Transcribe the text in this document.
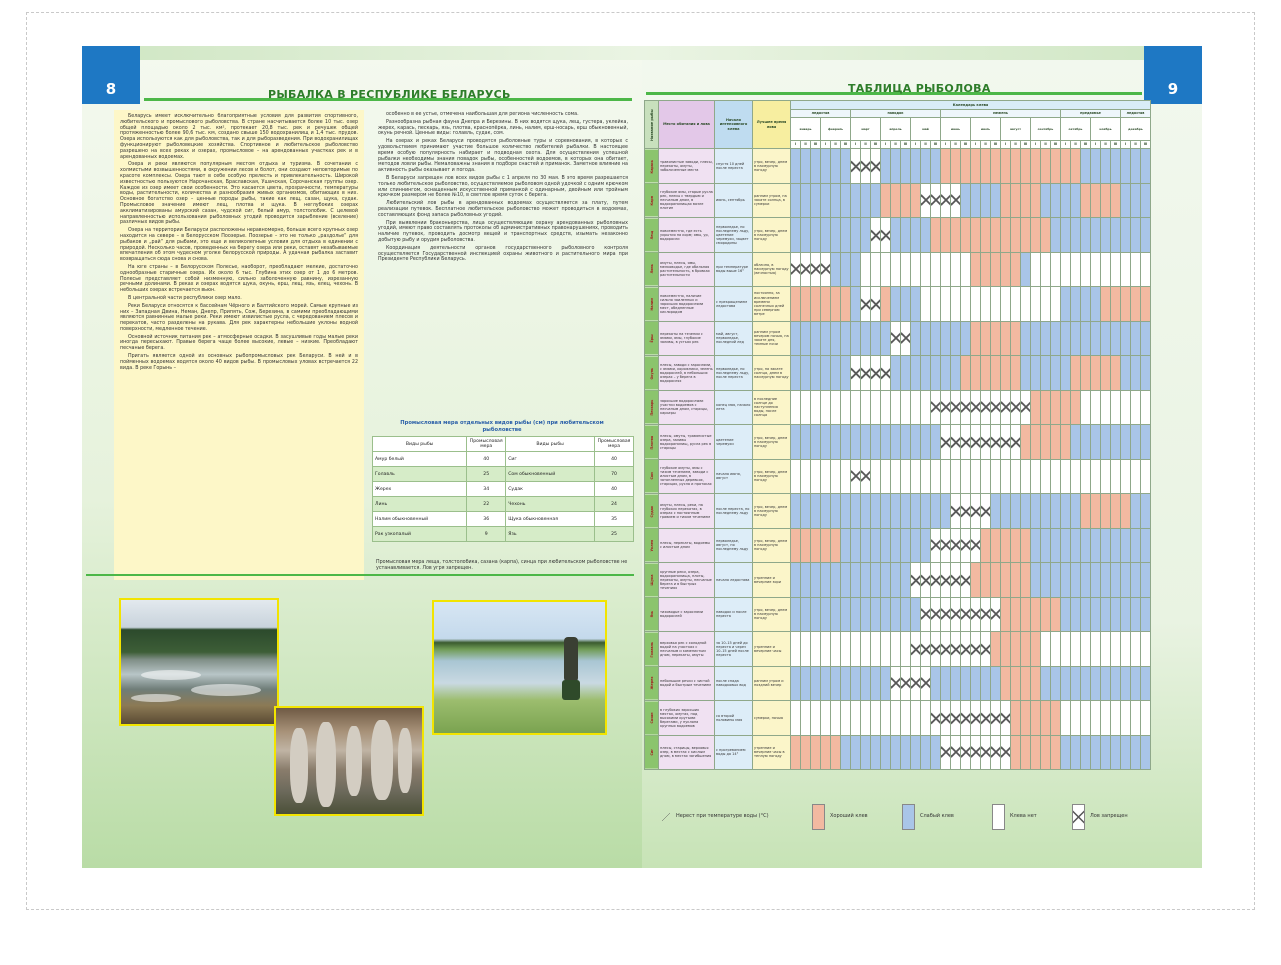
8	РЫБАЛКА В РЕСПУБЛИКЕ БЕЛАРУСЬ

Беларусь имеет исключительно благоприятные условия для развития спортивного, любительского и промыслового рыболовства. В стране насчитывается более 10 тыс. озер общей площадью около 2 тыс. км², протекает 20,8 тыс. рек и речушек общей протяженностью более 90,6 тыс. км, создано свыше 150 водохранилищ и 1,4 тыс. прудов. Озера используются как для рыболовства, так и для рыборазведения. При водохранилищах функционируют рыболовецкие хозяйства. Спортивное и любительское рыболовство разрешено на всех реках и озерах, промысловое – на арендованных участках рек и в арендованных водоемах.

Озера и реки являются популярным местом отдыха и туризма. В сочетании с холмистыми возвышенностями, в окружении лесов и болот, они создают неповторимые по красоте комплексы. Озера тают в себе особую прелесть и привлекательность. Широкой известностью пользуются Нарочанская, Браславская, Ушачская, Сорочанская группы озер. Каждое из озер имеет свои особенности. Это касается цвета, прозрачности, температуры воды, растительности, количества и разнообразия живых организмов, обитающих в них. Основное богатство озер – ценные породы рыбы, такие как лещ, сазан, щука, судак. Промысловое значение имеют лещ, плотва и щука. В неглубоких озерах акклиматизированы амурский сазан, чудской сиг, белый амур, толстолобик. С целевой направленностью использования рыболовных угодий проводится зарыбление (вселение) различных видов рыбы.

Озера на территории Беларуси расположены неравномерно, больше всего крупных озер находится на севере – в Белорусском Поозерье. Поозерье – это не только „раздолье“ для рыбаков и „рай“ для рыбами, это еще и великолепные условия для отдыха в единении с природой. Несколько часов, проведенных на берегу озера или реки, оставят незабываемые впечатления об этом чудесном уголке белорусской природы. А удачная рыбалка заставит возвращаться сюда снова и снова.

На юге страны – в Белорусском Полесье, наоборот, преобладают мелкие, достаточно однообразные старичные озера. Их около 6 тыс. Глубина этих озер от 1 до 6 метров. Полесье представляет собой низменную, сильно заболоченную равнину, изрезанную речными долинами. В реках и озерах водятся щука, окунь, ерш, лещ, язь, елец, чехонь. В небольших озерах встречается вьюн.

В центральной части республики озер мало.

Реки Беларуси относятся к бассейнам Чёрного и Балтийского морей. Самые крупные из них – Западная Двина, Неман, Днепр, Припять, Сож, Березина, в самими преобладающими являются равнинные малые реки. Реки имеют извилистые русла, с чередованием плесов и перекатов, часто разделены на рукава. Для рек характерны небольшие уклоны водной поверхности, медленное течение.

Основной источник питания рек – атмосферные осадки. В засушливые годы малые реки иногда пересыхают. Правые берега чаще более высокие, левые – низкие. Преобладают песчаные берега.

Пригать является одной из основных рыбопромысловых рек Беларуси. В ней и в пойменных водоемах водятся около 40 видов рыбы. В промысловых уловах встречается 22 вида. В реке Горынь –

особенно в ее устье, отмечена наибольшая для региона численность сома.

Разнообразна рыбная фауна Днепра и Березины. В них водятся щука, лещ, густера, уклейка, жерех, карась, пескарь, язь, плотва, краснопёрка, линь, налим, ерш-носарь, ерш обыкновенный, окунь речной. Ценные виды: голавль, судак, сом.

На озерах и реках Беларуси проводятся рыболовные туры и соревнования, в которых с удовольствием принимают участие большое количество любителей рыбалки. В настоящее время особую популярность набирает и подводная охота. Для осуществления успешной рыбалки необходимы знания повадок рыбы, особенностей водоемов, в которых она обитает, методов ловли рыбы. Немаловажны знания в подборе снастей и приманок. Заметное влияние на активность рыбы оказывает и погода.

В Беларуси запрещен лов всех видов рыбы с 1 апреля по 30 мая. В это время разрешается только любительское рыболовство, осуществляемое рыболовом одной удочкой с одним крючком или спиннингом, оснащенным искусственной приманкой с одинарным, двойным или тройным крючком размером не более №10, в светлое время суток с берега.

Любительский лов рыбы в арендованных водоемах осуществляется за плату, путем реализации путевок. Бесплатное любительское рыболовство может проводиться в водоемах, составляющих фонд запаса рыболовных угодий.

При выявлении браконьерства, лица осуществляющие охрану арендованных рыболовных угодий, имеют право составлять протоколы об административных правонарушениях, проводить наличие путевок, проводить досмотр вещей и транспортных средств, изымать незаконно добытую рыбу и орудия рыболовства.

Координация деятельности органов государственного рыболовного контроля осуществляется Государственной инспекцией охраны животного и растительного мира при Президенте Республики Беларусь.

Промысловая мера отдельных видов рыбы (см) при любительском рыболовстве
Виды рыбы	Промысловая мера	Виды рыбы	Промысловая мера
Амур белый	40	Сиг	40
Голавль	25	Сом обыкновенный	70
Жерех	34	Судак	40
Линь	22	Чехонь	24
Налим обыкновенный	36	Щука обыкновенная	35
Рак узкопалый	9	Язь	25
Промысловая мера леща, толстолобика, сазана (карпа), синца при любительском рыболовстве не устанавливается. Лов угря запрещен.
9
ТАБЛИЦА РЫБОЛОВА
Название рыбы	Место обитания и лова	Начало интенсивного клева	Лучшее время лова	Календарь клева																																			
				ледостав						паводок									межень												предзимье						ледостав		
				январь			февраль			март			апрель			май			июнь			июль			август			сентябрь			октябрь			ноябрь			декабрь		
				I	II	III	I	II	III	I	II	III	I	II	III	I	II	III	I	II	III	I	II	III	I	II	III	I	II	III	I	II	III	I	II	III	I	II	III
Карась	травянистые заводи, плесы, перекаты, омуты, заболоченные места	спустя 10 дней после нереста	утро, вечер, днем в пасмурную погоду																																				
Карп	глубокие ямы, старые русла рек, плесы с твердым и песчаным дном, в водохранилищах возле плотин	июнь, сентябрь	ранним утром, на закате солнца, в сумерки																																				
Лещ	повсеместно, где есть укрытия на корм; ямы, ур, водоросли	перволедье, по последнему льду, цветение черемухи, зацвет смородины	утро, вечер, днем в пасмурную погоду																																				
Линь	омуты, плесы, ямы, мелководье, где обильная растительность, в бровках растительности	при температуре воды выше 16°	облачно, в пасмурную погоду (вечностью)																																				
Налим	повсеместно, наличие сильно заиленных и заросших водорослями мест, обедненные кислородом	с прекращением ледостава	постоянно, за исключением времени солнечных дней при северном ветре																																				
Ёрш	перекаты на течении с ямами, ямы, глубокие заливы, в устьях рек	май, август, перволедье, последний лед	ранним утром вечером ночью, на закате дня, темные ночи																																				
Окунь	плесы, заводи с зарослями, с ямами, коряжники, зелень водорослей, в небольших озерах – у берега в водорослях	перволедье, по последнему льду, после нереста	утро, на закате солнца, днем в пасмурную погоду																																				
Пескарь	заросшие водорослями участки водоемов с песчаным дном, старицы, карьеры	конец мая, начало лета	в последние солнце до наступления воды, после солнца																																				
Плотва	плесы, омуты, травянистые озера, заливы водохранилищ, русла рек в старицы	цветение черемухи	утро, вечер, днем в пасмурную погоду																																				
Сом	глубокие омуты, ямы с тихим течением, заводи с илистым дном, в затопленных деревьях, старицах, русла и протоках	начало июня, август	утро, вечер, днем в пасмурную погоду																																				
Судак	омуты, плесы, реки, на глубоких перекатах, в озерах с постоянным гравием и тихим течением	после нереста, по последнему льду	утро, вечер, днем в пасмурную погоду																																				
Уклея	плесы, перекаты, водоемы с илистым дном	перволедье, август, по последнему льду	утро, вечер, днем в пасмурную погоду																																				
Щука	крупные реки, озера, водохранилища, плоты, перекаты, омуты, песчаные берега и в быстрых течениях	начало ледостава	утренние и вечерние зори																																				
Язь	тиховодье с зарослями водорослей	паводок и после нереста	утро, вечер, днем в пасмурную погоду																																				
Голавль	верховья рек с холодной водой на участках с песчаным и каменистым дном, перекаты, омуты	за 10–15 дней до нереста и через 10–15 дней после нереста	утренние и вечерние часы																																				
Жерех	небольшие речки с чистой водой и быстрым течением	после спада паводковых вод	ранним утром и поздний вечер																																				
Сазан	в глубоких заросших местах, омутах, под высокими крутыми берегами, у нуклона крупных водоемов	со второй половины мая	сумерки, ночью																																				
Сиг	плесы, старицы, верховья озер, в местах с кислым дном, в местах загибшения	с прогреванием воды до 14°	утренние и вечерние часы в теплую погоду																																				
Нерест при температуре воды (°С)	Хороший клев	Слабый клев	Клева нет	Лов запрещен
